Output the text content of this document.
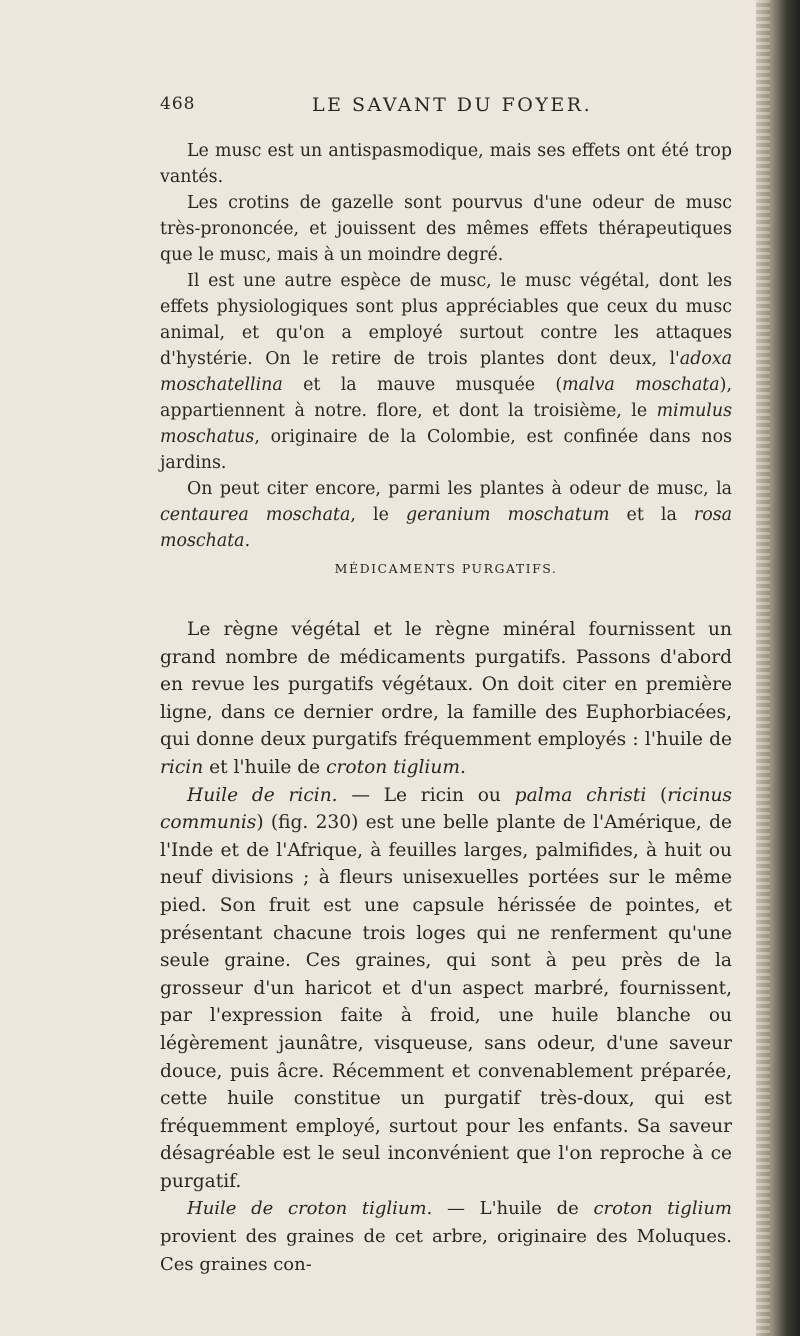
468	LE SAVANT DU FOYER.

Le musc est un antispasmodique, mais ses effets ont été trop vantés.

Les crotins de gazelle sont pourvus d'une odeur de musc très-prononcée, et jouissent des mêmes effets thérapeutiques que le musc, mais à un moindre degré.

Il est une autre espèce de musc, le musc végétal, dont les effets physiologiques sont plus appréciables que ceux du musc animal, et qu'on a employé surtout contre les attaques d'hystérie. On le retire de trois plantes dont deux, l'adoxa moschatellina et la mauve musquée (malva moschata), appartiennent à notre. flore, et dont la troisième, le mimulus moschatus, originaire de la Colombie, est confinée dans nos jardins.

On peut citer encore, parmi les plantes à odeur de musc, la centaurea moschata, le geranium moschatum et la rosa moschata.

MÉDICAMENTS PURGATIFS.

Le règne végétal et le règne minéral fournissent un grand nombre de médicaments purgatifs. Passons d'abord en revue les purgatifs végétaux. On doit citer en première ligne, dans ce dernier ordre, la famille des Euphorbiacées, qui donne deux purgatifs fréquemment employés : l'huile de ricin et l'huile de croton tiglium.

Huile de ricin. — Le ricin ou palma christi (ricinus communis) (fig. 230) est une belle plante de l'Amérique, de l'Inde et de l'Afrique, à feuilles larges, palmifides, à huit ou neuf divisions ; à fleurs unisexuelles portées sur le même pied. Son fruit est une capsule hérissée de pointes, et présentant chacune trois loges qui ne renferment qu'une seule graine. Ces graines, qui sont à peu près de la grosseur d'un haricot et d'un aspect marbré, fournissent, par l'expression faite à froid, une huile blanche ou légèrement jaunâtre, visqueuse, sans odeur, d'une saveur douce, puis âcre. Récemment et convenablement préparée, cette huile constitue un purgatif très-doux, qui est fréquemment employé, surtout pour les enfants. Sa saveur désagréable est le seul inconvénient que l'on reproche à ce purgatif.

Huile de croton tiglium. — L'huile de croton tiglium provient des graines de cet arbre, originaire des Moluques. Ces graines con-
